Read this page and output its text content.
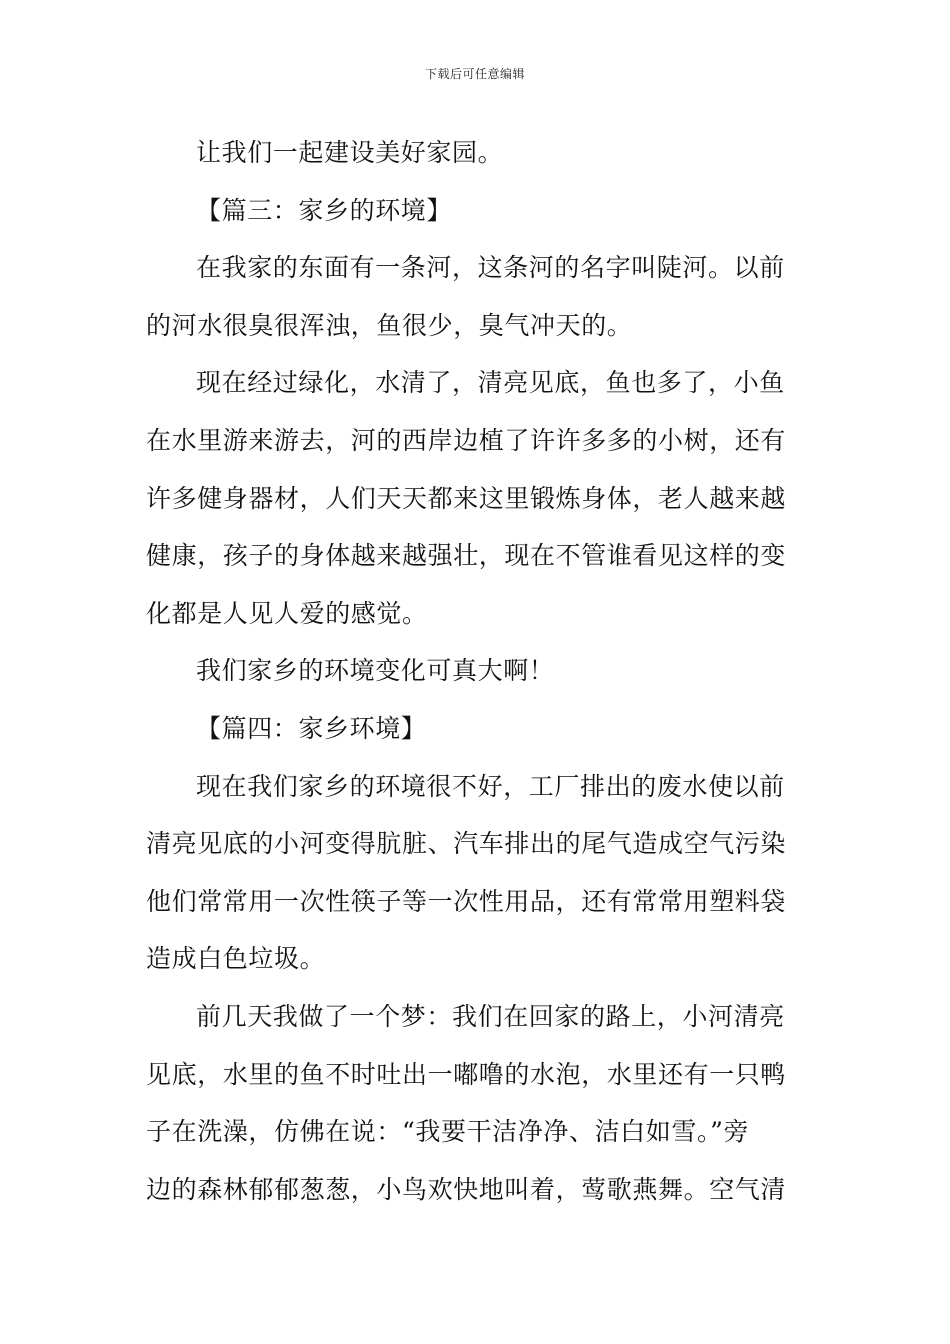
下载后可任意编辑
让我们一起建设美好家园。
【篇三：家乡的环境】
在我家的东面有一条河，这条河的名字叫陡河。以前
的河水很臭很浑浊，鱼很少，臭气冲天的。
现在经过绿化，水清了，清亮见底，鱼也多了，小鱼
在水里游来游去，河的西岸边植了许许多多的小树，还有
许多健身器材，人们天天都来这里锻炼身体，老人越来越
健康，孩子的身体越来越强壮，现在不管谁看见这样的变
化都是人见人爱的感觉。
我们家乡的环境变化可真大啊！
【篇四：家乡环境】
现在我们家乡的环境很不好，工厂排出的废水使以前
清亮见底的小河变得肮脏、汽车排出的尾气造成空气污染
他们常常用一次性筷子等一次性用品，还有常常用塑料袋
造成白色垃圾。
前几天我做了一个梦：我们在回家的路上，小河清亮
见底，水里的鱼不时吐出一嘟噜的水泡，水里还有一只鸭
子在洗澡，仿佛在说：“我要干洁净净、洁白如雪。”旁
边的森林郁郁葱葱，小鸟欢快地叫着，莺歌燕舞。空气清
